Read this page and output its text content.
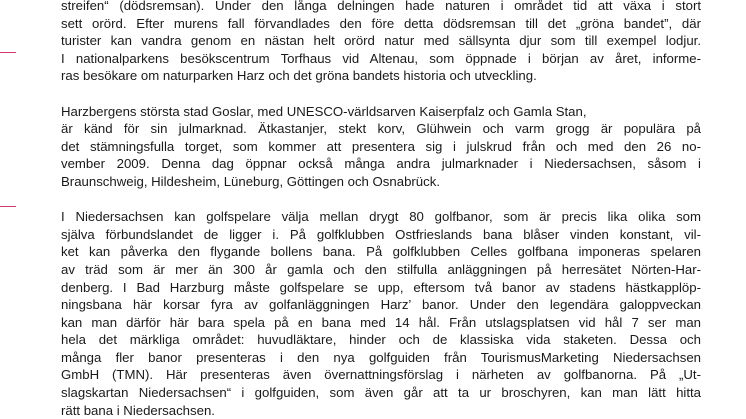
streifen“ (dödsremsan). Under den långa delningen hade naturen i området tid att växa i stort
sett orörd. Efter murens fall förvandlades den före detta dödsremsan till det „gröna bandet”, där
turister kan vandra genom en nästan helt orörd natur med sällsynta djur som till exempel lodjur.
I nationalparkens besökscentrum Torfhaus vid Altenau, som öppnade i början av året, informe-
ras besökare om naturparken Harz och det gröna bandets historia och utveckling.

Harzbergens största stad Goslar, med UNESCO-världsarven Kaiserpfalz och Gamla Stan,
är känd för sin julmarknad. Ätkastanjer, stekt korv, Glühwein och varm grogg är populära på
det stämningsfulla torget, som kommer att presentera sig i julskrud från och med den 26 no-
vember 2009. Denna dag öppnar också många andra julmarknader i Niedersachsen, såsom i
Braunschweig, Hildesheim, Lüneburg, Göttingen och Osnabrück.

I Niedersachsen kan golfspelare välja mellan drygt 80 golfbanor, som är precis lika olika som
själva förbundslandet de ligger i. På golfklubben Ostfrieslands bana blåser vinden konstant, vil-
ket kan påverka den flygande bollens bana. På golfklubben Celles golfbana imponeras spelaren
av träd som är mer än 300 år gamla och den stilfulla anläggningen på herresätet Nörten-Har-
denberg. I Bad Harzburg måste golfspelare se upp, eftersom två banor av stadens hästkapplöp-
ningsbana här korsar fyra av golfanläggningen Harz’ banor. Under den legendära galoppveckan
kan man därför här bara spela på en bana med 14 hål. Från utslagsplatsen vid hål 7 ser man
hela det märkliga området: huvudläktare, hinder och de klassiska vida staketen. Dessa och
många fler banor presenteras i den nya golfguiden från TourismusMarketing Niedersachsen
GmbH (TMN). Här presenteras även övernattningsförslag i närheten av golfbanorna. På „Ut-
slagskartan Niedersachsen“ i golfguiden, som även går att ta ur broschyren, kan man lätt hitta
rätt bana i Niedersachsen.
